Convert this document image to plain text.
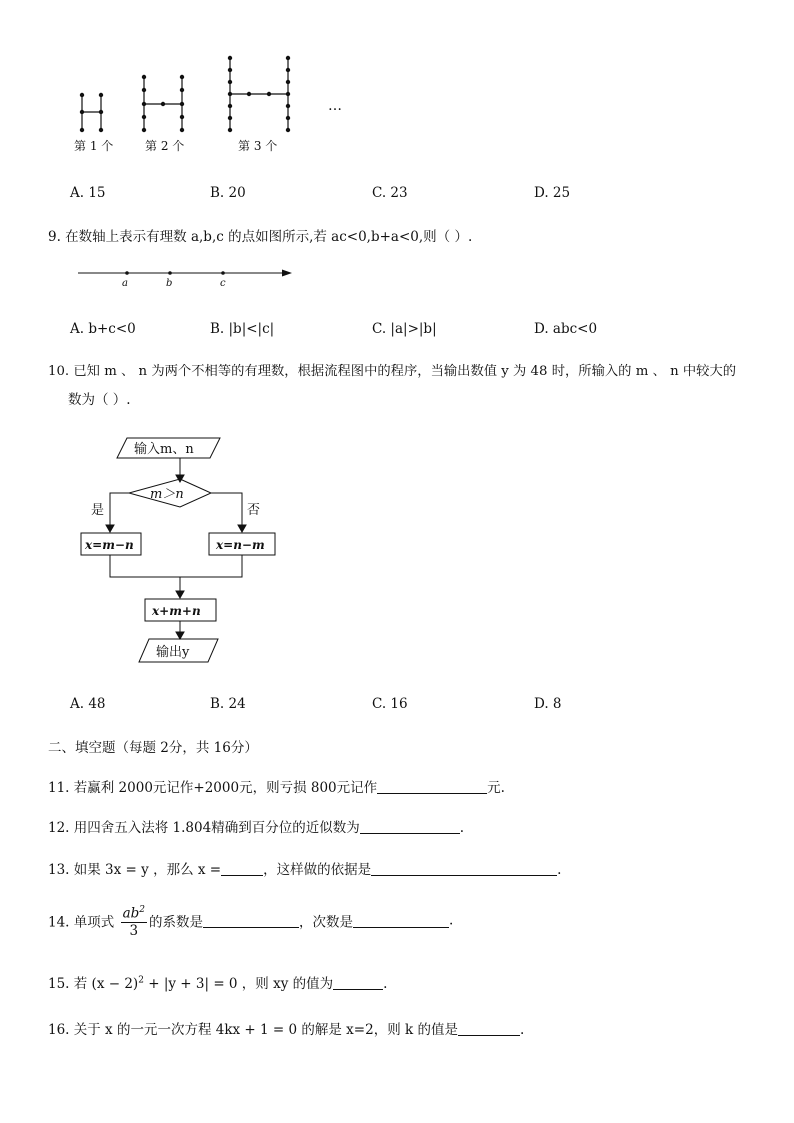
第 1 个	第 2 个	第 3 个
…
A. 15	B. 20	C. 23	D. 25
9. 在数轴上表示有理数 a,b,c 的点如图所示,若 ac<0,b+a<0,则（ ）.
a	b	c
A. b+c<0	B. |b|<|c|	C. |a|>|b|	D. abc<0
10. 已知 m 、 n 为两个不相等的有理数，根据流程图中的程序，当输出数值 y 为 48 时，所输入的 m 、 n 中较大的
数为（ ）.
输入m、n
m＞n
是	否
x=m−n	x=n−m
x+m+n
输出y
A. 48	B. 24	C. 16	D. 8
二、填空题（每题 2分，共 16分）
11. 若赢利 2000元记作+2000元，则亏损 800元记作	元.
12. 用四舍五入法将 1.804精确到百分位的近似数为	.
13. 如果 3x = y ，那么 x =	，这样做的依据是	.
14. 单项式 $\frac{ab^2}{3}$ 的系数是	，次数是	.
15. 若 $(x - 2)^2 + |y + 3| = 0$ ，则 xy 的值为	.
16. 关于 x 的一元一次方程 4kx + 1 = 0 的解是 x=2，则 k 的值是	.
